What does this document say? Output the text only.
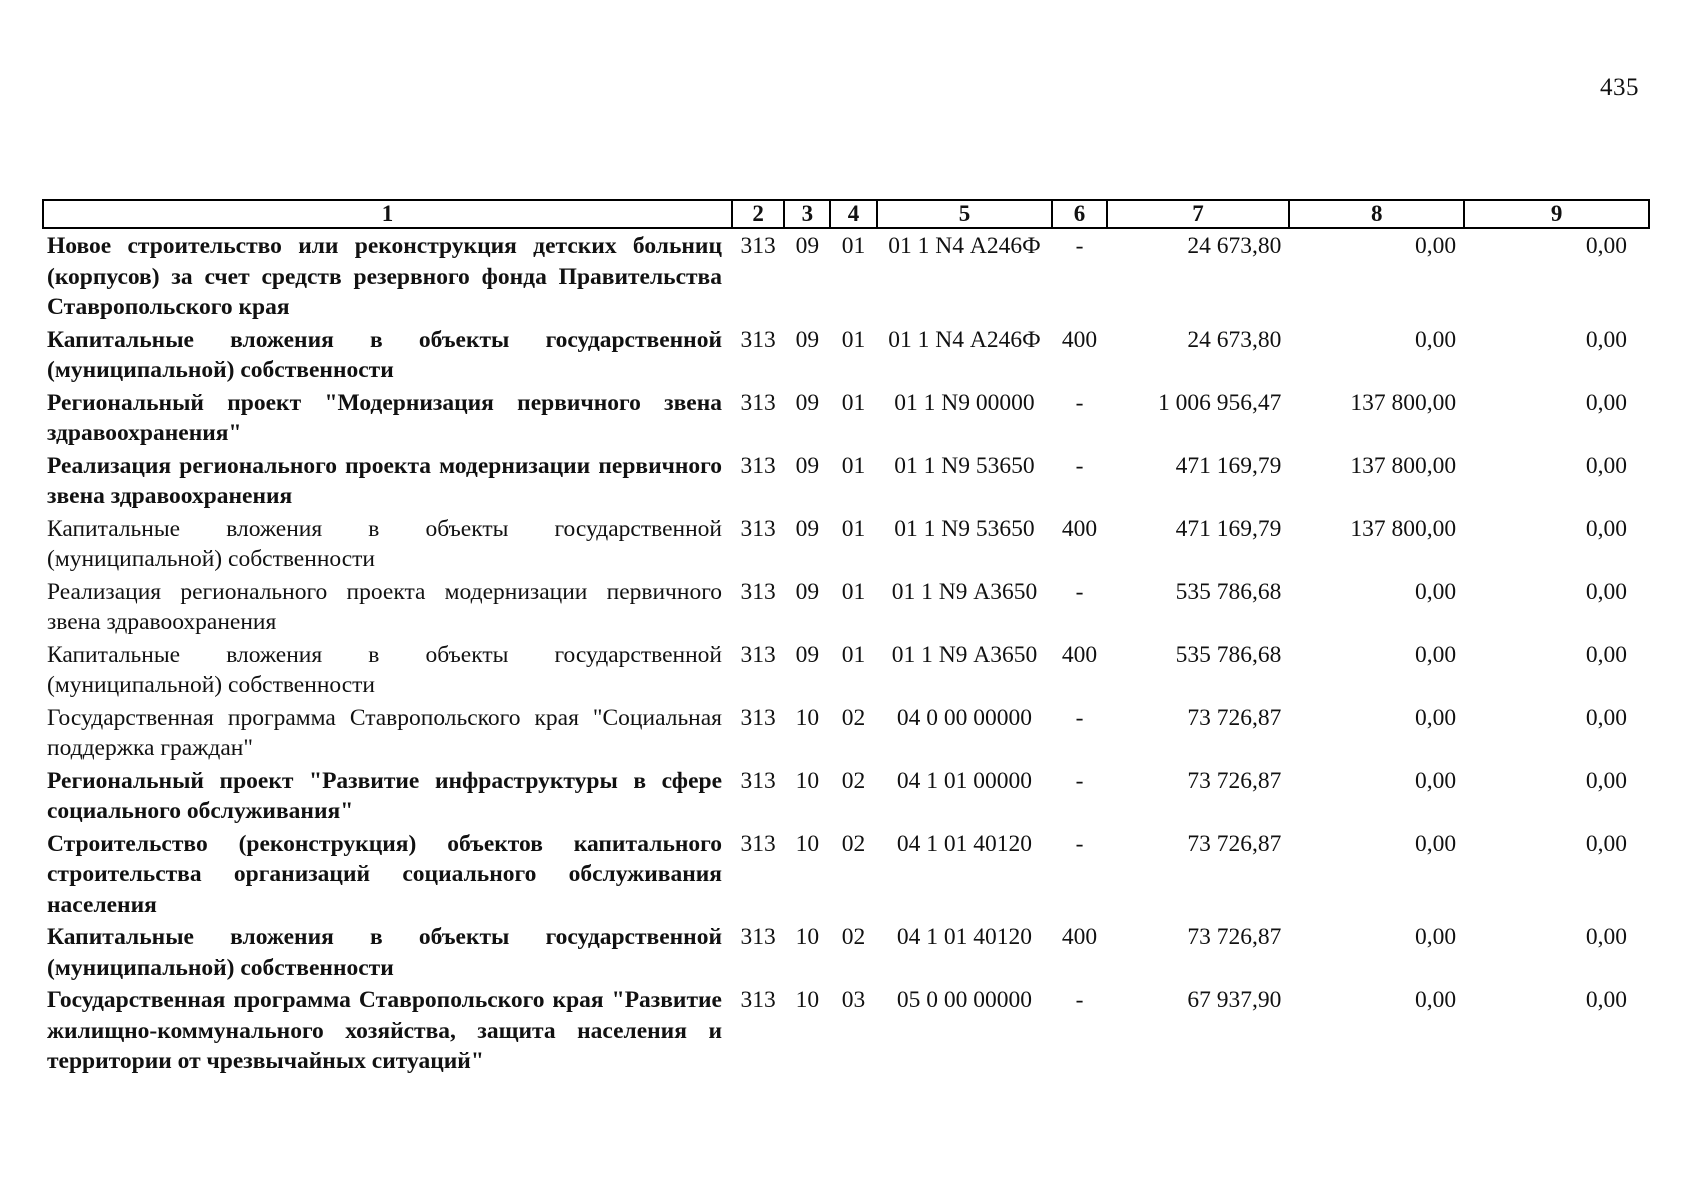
435
1	2	3	4	5	6	7	8	9
Новое строительство или реконструкция детских больниц (корпусов) за счет средств резервного фонда Правительства Ставропольского края	313	09	01	01 1 N4 А246Ф	-	24 673,80	0,00	0,00
Капитальные вложения в объекты государственной (муниципальной) собственности	313	09	01	01 1 N4 А246Ф	400	24 673,80	0,00	0,00
Региональный проект "Модернизация первичного звена здравоохранения"	313	09	01	01 1 N9 00000	-	1 006 956,47	137 800,00	0,00
Реализация регионального проекта модернизации первичного звена здравоохранения	313	09	01	01 1 N9 53650	-	471 169,79	137 800,00	0,00
Капитальные вложения в объекты государственной (муниципальной) собственности	313	09	01	01 1 N9 53650	400	471 169,79	137 800,00	0,00
Реализация регионального проекта модернизации первичного звена здравоохранения	313	09	01	01 1 N9 А3650	-	535 786,68	0,00	0,00
Капитальные вложения в объекты государственной (муниципальной) собственности	313	09	01	01 1 N9 А3650	400	535 786,68	0,00	0,00
Государственная программа Ставропольского края "Социальная поддержка граждан"	313	10	02	04 0 00 00000	-	73 726,87	0,00	0,00
Региональный проект "Развитие инфраструктуры в сфере социального обслуживания"	313	10	02	04 1 01 00000	-	73 726,87	0,00	0,00
Строительство (реконструкция) объектов капитального строительства организаций социального обслуживания населения	313	10	02	04 1 01 40120	-	73 726,87	0,00	0,00
Капитальные вложения в объекты государственной (муниципальной) собственности	313	10	02	04 1 01 40120	400	73 726,87	0,00	0,00
Государственная программа Ставропольского края "Развитие жилищно-коммунального хозяйства, защита населения и территории от чрезвычайных ситуаций"	313	10	03	05 0 00 00000	-	67 937,90	0,00	0,00
